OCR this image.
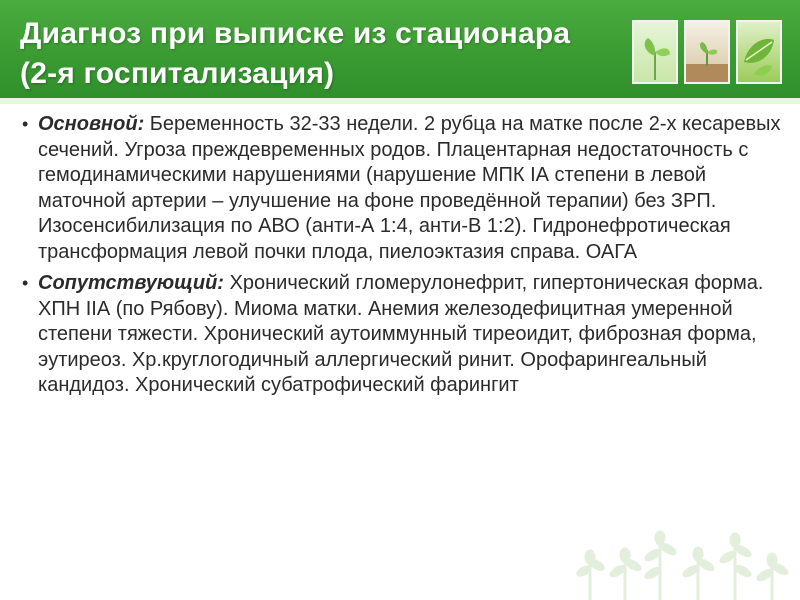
Диагноз при выписке из стационара
(2-я госпитализация)
• Основной: Беременность 32-33 недели. 2 рубца на матке после 2-х кесаревых сечений. Угроза преждевременных родов. Плацентарная недостаточность с гемодинамическими нарушениями (нарушение МПК IА степени в левой маточной артерии – улучшение на фоне проведённой терапии) без ЗРП. Изосенсибилизация по АВО (анти-А 1:4, анти-В 1:2). Гидронефротическая трансформация левой почки плода, пиелоэктазия справа. ОАГА
• Сопутствующий: Хронический гломерулонефрит, гипертоническая форма. ХПН IIА (по Рябову). Миома матки. Анемия железодефицитная умеренной степени тяжести. Хронический аутоиммунный тиреоидит, фиброзная форма, эутиреоз. Хр.круглогодичный аллергический ринит. Орофарингеальный кандидоз. Хронический субатрофический фарингит
